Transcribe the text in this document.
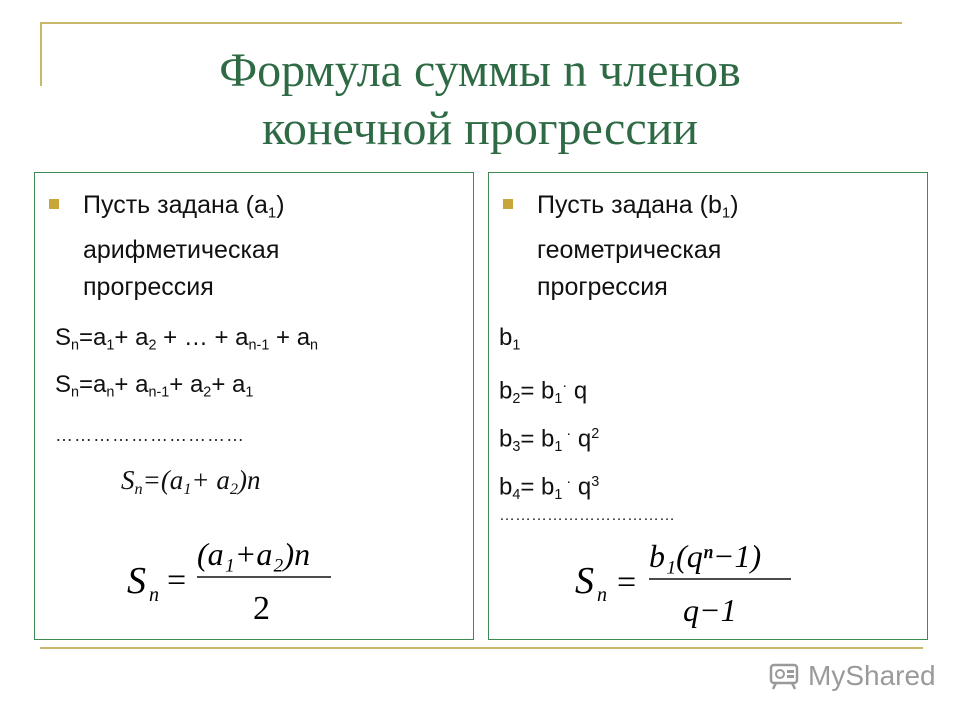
Формула суммы n членов
конечной прогрессии
Пусть задана $(a_1)$
арифметическая
прогрессия
$S_n=a_1+ a_2$ + … + $a_{n-1} + a_n$
$S_n=a_n+ a_{n-1}+ a_2+ a_1$
…………………………
$S_n=(a_1+ a_2)n$
S n =
(a₁+a₂)n
2
Пусть задана $(b_1)$
геометрическая
прогрессия
$b_1$
$b_2= b_1^\cdot$ q
$b_3= b_1$ · $q^2$
$b_4= b_1$ · $q^3$
……………………………
S n =
b₁(qⁿ−1)
q−1
MyShared
